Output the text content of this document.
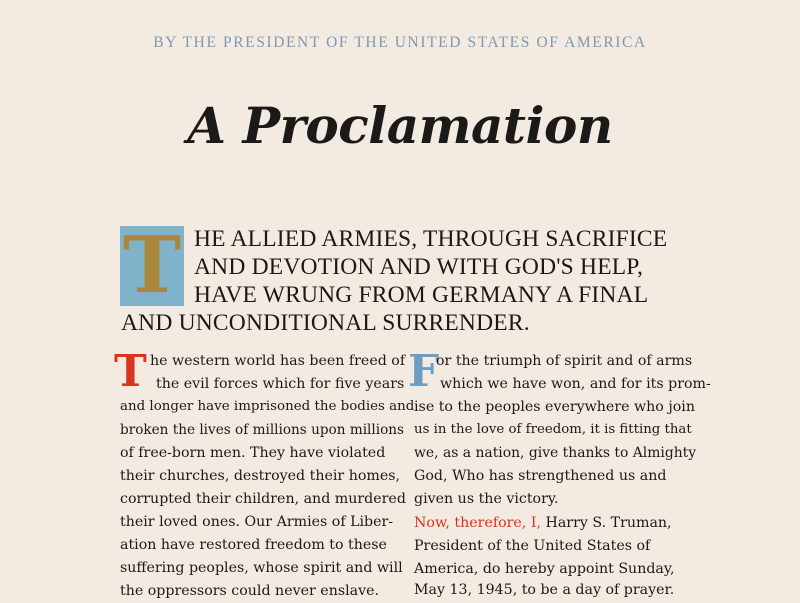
BY THE PRESIDENT OF THE UNITED STATES OF AMERICA
A Proclamation
T HE ALLIED ARMIES, THROUGH SACRIFICE
AND DEVOTION AND WITH GOD'S HELP,
HAVE WRUNG FROM GERMANY A FINAL
AND UNCONDITIONAL SURRENDER.
T he western world has been freed of
the evil forces which for five years
and longer have imprisoned the bodies and
broken the lives of millions upon millions
of free-born men. They have violated
their churches, destroyed their homes,
corrupted their children, and murdered
their loved ones. Our Armies of Liber-
ation have restored freedom to these
suffering peoples, whose spirit and will
the oppressors could never enslave.
F
or the triumph of spirit and of arms
which we have won, and for its prom-
ise to the peoples everywhere who join
us in the love of freedom, it is fitting that
we, as a nation, give thanks to Almighty
God, Who has strengthened us and
given us the victory.
Now, therefore, I, Harry S. Truman,
President of the United States of
America, do hereby appoint Sunday,
May 13, 1945, to be a day of prayer.
